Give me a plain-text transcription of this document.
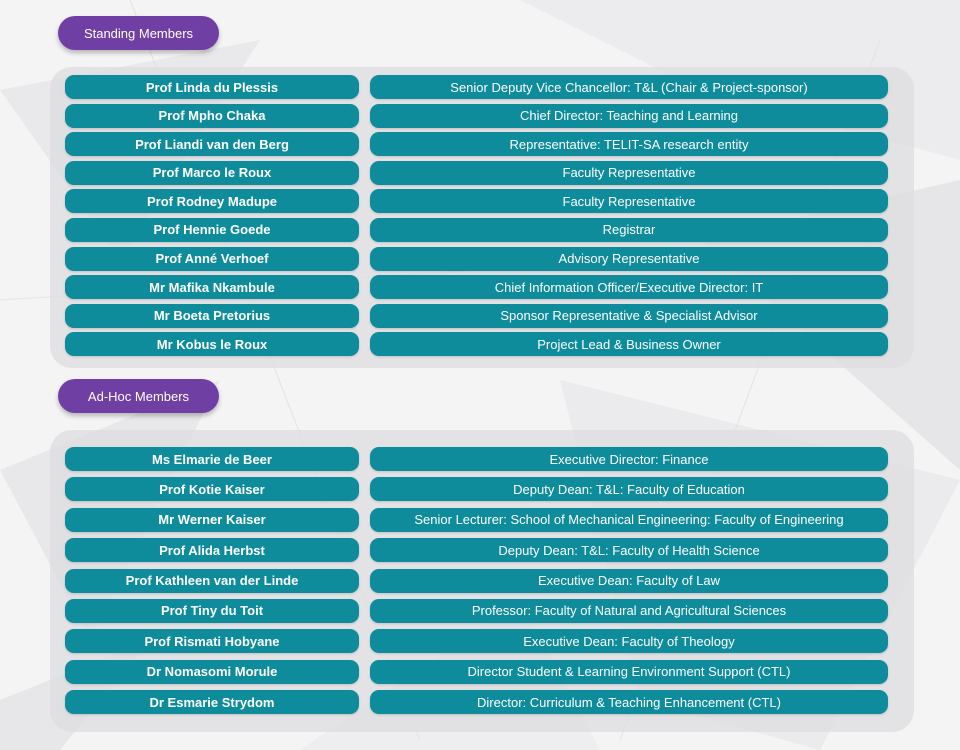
Standing Members
Prof Linda du Plessis	Senior Deputy Vice Chancellor: T&L (Chair & Project-sponsor)
Prof Mpho Chaka	Chief Director: Teaching and Learning
Prof Liandi van den Berg	Representative: TELIT-SA research entity
Prof Marco le Roux	Faculty Representative
Prof Rodney Madupe	Faculty Representative
Prof Hennie Goede	Registrar
Prof Anné Verhoef	Advisory Representative
Mr Mafika Nkambule	Chief Information Officer/Executive Director: IT
Mr Boeta Pretorius	Sponsor Representative & Specialist Advisor
Mr Kobus le Roux	Project Lead & Business Owner
Ad-Hoc Members
Ms Elmarie de Beer	Executive Director: Finance
Prof Kotie Kaiser	Deputy Dean: T&L: Faculty of Education
Mr Werner Kaiser	Senior Lecturer: School of Mechanical Engineering: Faculty of Engineering
Prof Alida Herbst	Deputy Dean: T&L: Faculty of Health Science
Prof Kathleen van der Linde	Executive Dean: Faculty of Law
Prof Tiny du Toit	Professor: Faculty of Natural and Agricultural Sciences
Prof Rismati Hobyane	Executive Dean: Faculty of Theology
Dr Nomasomi Morule	Director Student & Learning Environment Support (CTL)
Dr Esmarie Strydom	Director: Curriculum & Teaching Enhancement (CTL)
